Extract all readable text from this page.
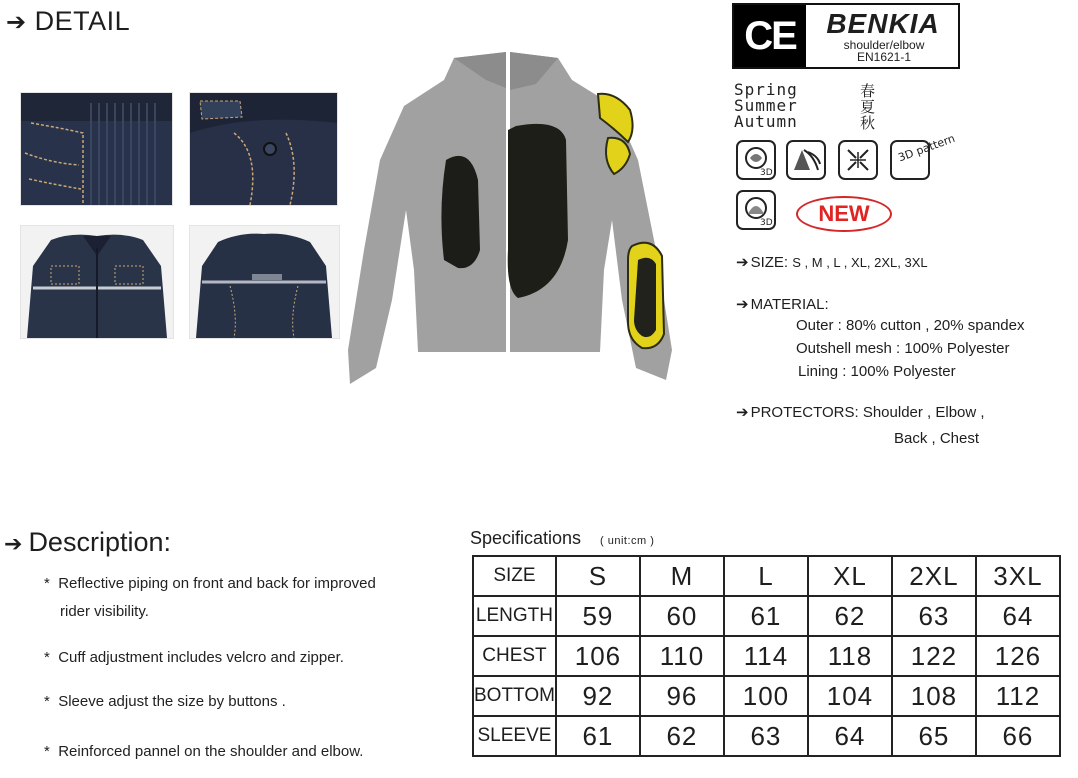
➔ DETAIL	CE	BENKIA
shoulder/elbow
EN1621-1
Spring	春
Summer	夏
Autumn	秋
3D
3D pattern
3D	NEW
➔ SIZE: S , M , L , XL, 2XL, 3XL
➔ MATERIAL:
Outer : 80% cutton , 20% spandex
Outshell mesh : 100% Polyester
Lining : 100% Polyester
➔ PROTECTORS: Shoulder , Elbow ,
Back , Chest
➔ Description:
* Reflective piping on front and back for improved
rider visibility.
* Cuff adjustment includes velcro and zipper.
* Sleeve adjust the size by buttons .
* Reinforced pannel on the shoulder and elbow.
Specifications ( unit:cm )
SIZE	S	M	L	XL	2XL	3XL
LENGTH	59	60	61	62	63	64
CHEST	106	110	114	118	122	126
BOTTOM	92	96	100	104	108	112
SLEEVE	61	62	63	64	65	66
